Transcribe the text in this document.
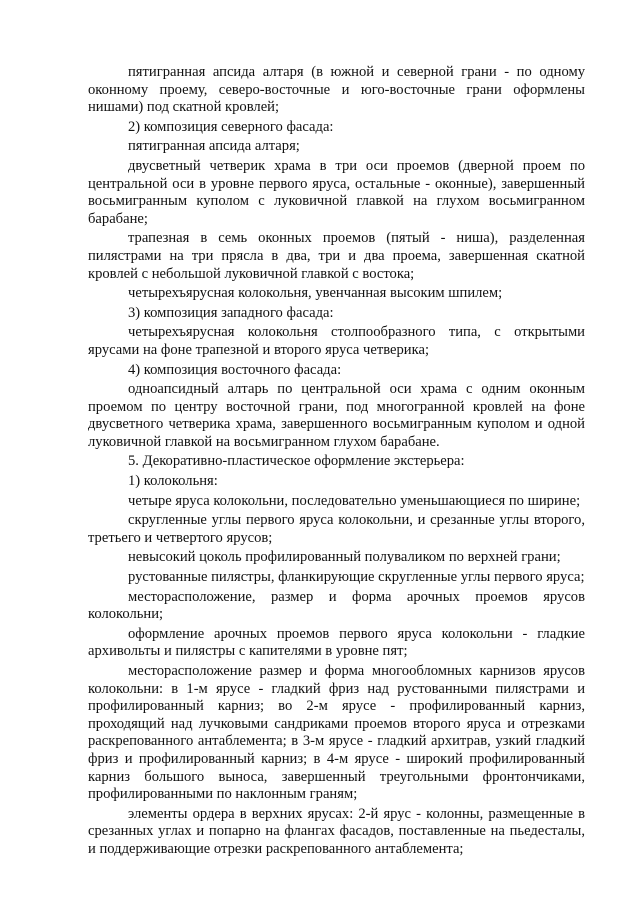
пятигранная апсида алтаря (в южной и северной грани - по одному оконному проему, северо-восточные и юго-восточные грани оформлены нишами) под скатной кровлей;

2) композиция северного фасада:

пятигранная апсида алтаря;

двусветный четверик храма в три оси проемов (дверной проем по центральной оси в уровне первого яруса, остальные - оконные), завершенный восьмигранным куполом с луковичной главкой на глухом восьмигранном барабане;

трапезная в семь оконных проемов (пятый - ниша), разделенная пилястрами на три прясла в два, три и два проема, завершенная скатной кровлей с небольшой луковичной главкой с востока;

четырехъярусная колокольня, увенчанная высоким шпилем;

3) композиция западного фасада:

четырехъярусная колокольня столпообразного типа, с открытыми ярусами на фоне трапезной и второго яруса четверика;

4) композиция восточного фасада:

одноапсидный алтарь по центральной оси храма с одним оконным проемом по центру восточной грани, под многогранной кровлей на фоне двусветного четверика храма, завершенного восьмигранным куполом и одной луковичной главкой на восьмигранном глухом барабане.

5. Декоративно-пластическое оформление экстерьера:

1) колокольня:

четыре яруса колокольни, последовательно уменьшающиеся по ширине;

скругленные углы первого яруса колокольни, и срезанные углы второго, третьего и четвертого ярусов;

невысокий цоколь профилированный полуваликом по верхней грани;

рустованные пилястры, фланкирующие скругленные углы первого яруса;

месторасположение, размер и форма арочных проемов ярусов колокольни;

оформление арочных проемов первого яруса колокольни - гладкие архивольты и пилястры с капителями в уровне пят;

месторасположение размер и форма многообломных карнизов ярусов колокольни: в 1-м ярусе - гладкий фриз над рустованными пилястрами и профилированный карниз; во 2-м ярусе - профилированный карниз, проходящий над лучковыми сандриками проемов второго яруса и отрезками раскрепованного антаблемента; в 3-м ярусе - гладкий архитрав, узкий гладкий фриз и профилированный карниз; в 4-м ярусе - широкий профилированный карниз большого выноса, завершенный треугольными фронтончиками, профилированными по наклонным граням;

элементы ордера в верхних ярусах: 2-й ярус - колонны, размещенные в срезанных углах и попарно на флангах фасадов, поставленные на пьедесталы, и поддерживающие отрезки раскрепованного антаблемента;
